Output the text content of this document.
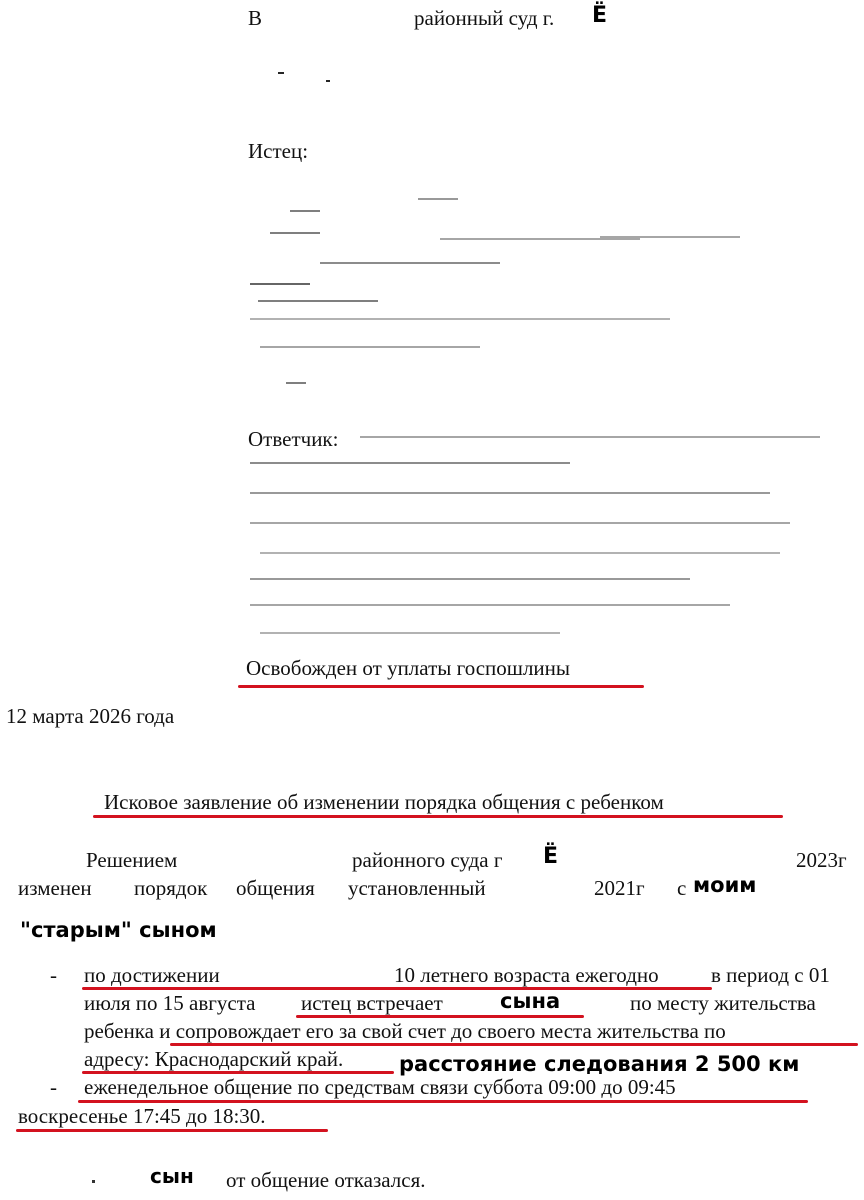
В	районный суд г. Ё
Истец:
Ответчик:
Освобожден от уплаты госпошлины
12 марта 2026 года
Исковое заявление об изменении порядка общения с ребенком
Решением	районного суда г Ё	2023г
изменен порядок общения установленный	2021г с моим
"старым" сыном
- по достижении	10 летнего возраста ежегодно в период с 01
июля по 15 августа истец встречает	сына	по месту жительства
ребенка и сопровождает его за свой счет до своего места жительства по
адресу: Краснодарский край.	расстояние следования 2 500 км
- еженедельное общение по средствам связи суббота 09:00 до 09:45
воскресенье 17:45 до 18:30.
сын от общение отказался.
